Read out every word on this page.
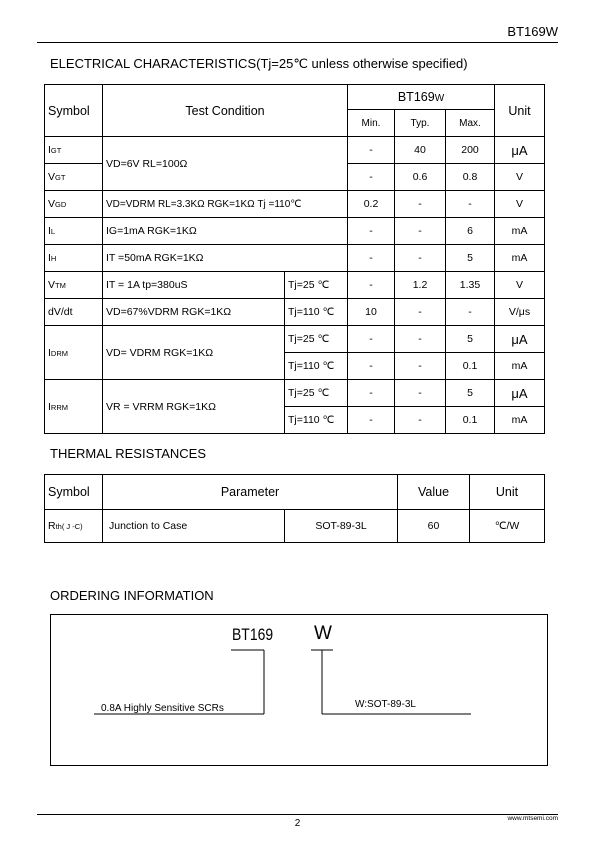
BT169W
ELECTRICAL CHARACTERISTICS(Tj=25℃ unless otherwise specified)
Symbol	Test Condition		BT169W			Unit
			Min.	Typ.	Max.	
IGT	VD=6V RL=100Ω		-	40	200	μA
VGT			-	0.6	0.8	V
VGD	VD=VDRM RL=3.3KΩ RGK=1KΩ Tj =110℃		0.2	-	-	V
IL	IG=1mA RGK=1KΩ		-	-	6	mA
IH	IT =50mA RGK=1KΩ		-	-	5	mA
VTM	IT = 1A tp=380uS	Tj=25 ℃	-	1.2	1.35	V
dV/dt	VD=67%VDRM RGK=1KΩ	Tj=110 ℃	10	-	-	V/μs
IDRM	VD= VDRM RGK=1KΩ	Tj=25 ℃	-	-	5	μA
		Tj=110 ℃	-	-	0.1	mA
IRRM	VR = VRRM RGK=1KΩ	Tj=25 ℃	-	-	5	μA
		Tj=110 ℃	-	-	0.1	mA
THERMAL RESISTANCES
Symbol	Parameter		Value	Unit
Rth( J -C)	Junction to Case	SOT-89-3L	60	℃/W
ORDERING INFORMATION
BT169 W
0.8A Highly Sensitive SCRs	W:SOT-89-3L
2	www.mtsemi.com
